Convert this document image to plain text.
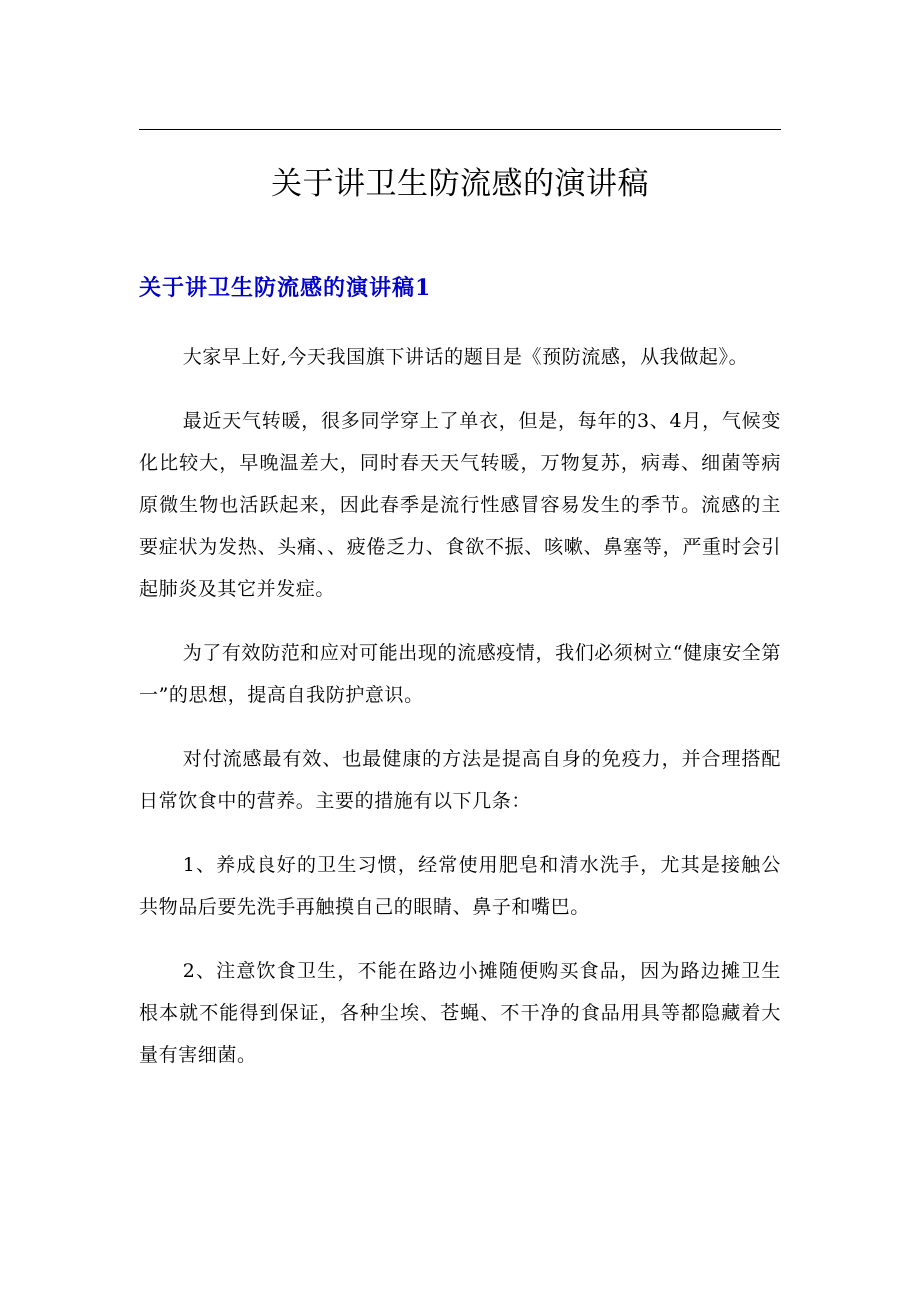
关于讲卫生防流感的演讲稿
关于讲卫生防流感的演讲稿1

大家早上好,今天我国旗下讲话的题目是《预防流感，从我做起》。

最近天气转暖，很多同学穿上了单衣，但是，每年的3、4月，气候变化比较大，早晚温差大，同时春天天气转暖，万物复苏，病毒、细菌等病原微生物也活跃起来，因此春季是流行性感冒容易发生的季节。流感的主要症状为发热、头痛、、疲倦乏力、食欲不振、咳嗽、鼻塞等，严重时会引起肺炎及其它并发症。

为了有效防范和应对可能出现的流感疫情，我们必须树立“健康安全第一”的思想，提高自我防护意识。

对付流感最有效、也最健康的方法是提高自身的免疫力，并合理搭配日常饮食中的营养。主要的措施有以下几条：

1、养成良好的卫生习惯，经常使用肥皂和清水洗手，尤其是接触公共物品后要先洗手再触摸自己的眼睛、鼻子和嘴巴。

2、注意饮食卫生，不能在路边小摊随便购买食品，因为路边摊卫生根本就不能得到保证，各种尘埃、苍蝇、不干净的食品用具等都隐藏着大量有害细菌。
